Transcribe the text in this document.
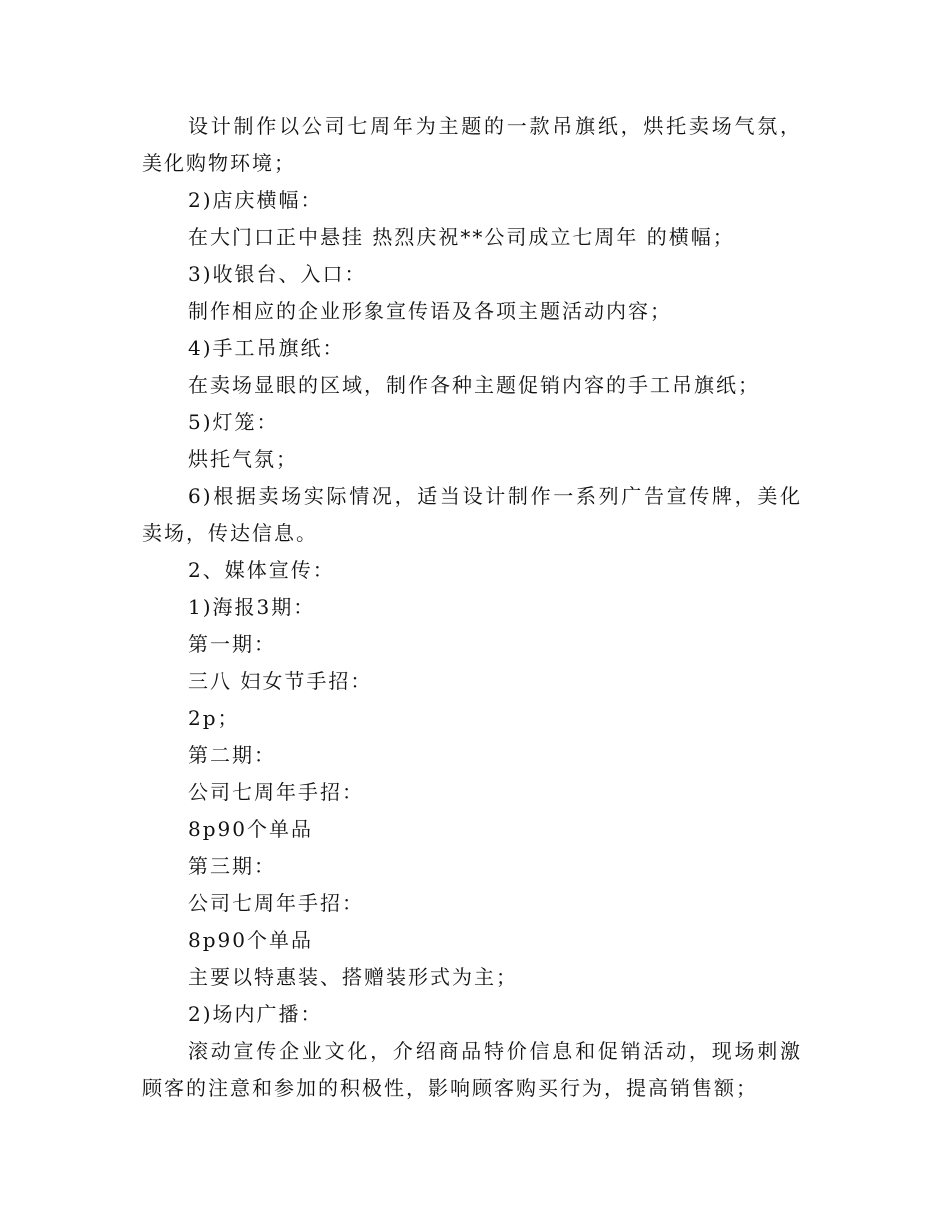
设计制作以公司七周年为主题的一款吊旗纸，烘托卖场气氛，美化购物环境；

2)店庆横幅：

在大门口正中悬挂 热烈庆祝**公司成立七周年 的横幅；

3)收银台、入口：

制作相应的企业形象宣传语及各项主题活动内容；

4)手工吊旗纸：

在卖场显眼的区域，制作各种主题促销内容的手工吊旗纸；

5)灯笼：

烘托气氛；

6)根据卖场实际情况，适当设计制作一系列广告宣传牌，美化卖场，传达信息。

2、媒体宣传：

1)海报3期：

第一期：

三八 妇女节手招：

2p；

第二期：

公司七周年手招：

8p90个单品

第三期：

公司七周年手招：

8p90个单品

主要以特惠装、搭赠装形式为主；

2)场内广播：

滚动宣传企业文化，介绍商品特价信息和促销活动，现场刺激顾客的注意和参加的积极性，影响顾客购买行为，提高销售额；
